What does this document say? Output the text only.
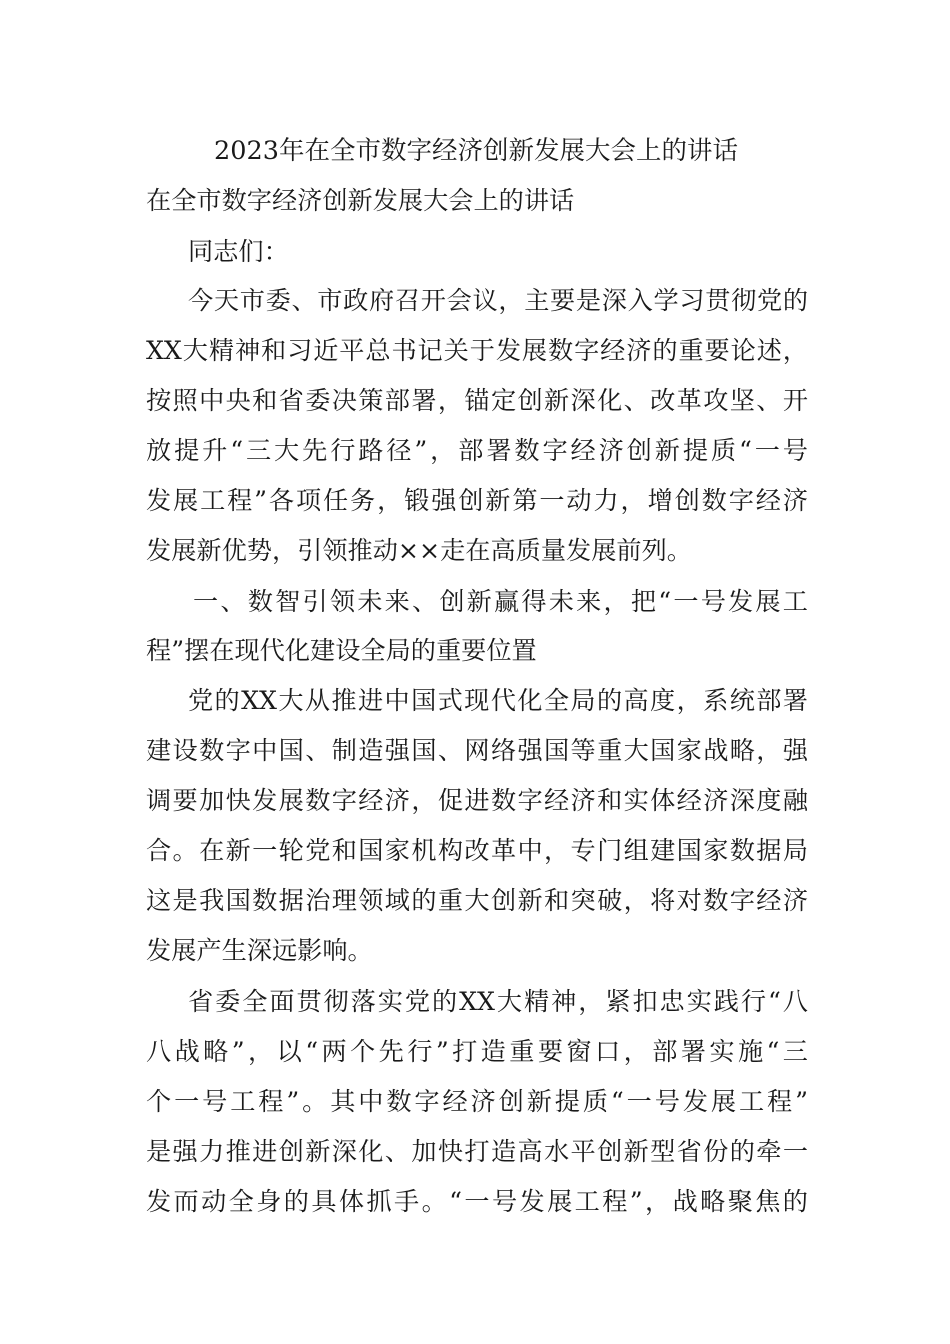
2023年在全市数字经济创新发展大会上的讲话
在全市数字经济创新发展大会上的讲话
同志们：
今天市委、市政府召开会议，主要是深入学习贯彻党的
XX大精神和习近平总书记关于发展数字经济的重要论述，
按照中央和省委决策部署，锚定创新深化、改革攻坚、开
放提升“三大先行路径”，部署数字经济创新提质“一号
发展工程”各项任务，锻强创新第一动力，增创数字经济
发展新优势，引领推动××走在高质量发展前列。
一、数智引领未来、创新赢得未来，把“一号发展工
程”摆在现代化建设全局的重要位置
党的XX大从推进中国式现代化全局的高度，系统部署
建设数字中国、制造强国、网络强国等重大国家战略，强
调要加快发展数字经济，促进数字经济和实体经济深度融
合。在新一轮党和国家机构改革中，专门组建国家数据局
这是我国数据治理领域的重大创新和突破，将对数字经济
发展产生深远影响。
省委全面贯彻落实党的XX大精神，紧扣忠实践行“八
八战略”，以“两个先行”打造重要窗口，部署实施“三
个一号工程”。其中数字经济创新提质“一号发展工程”
是强力推进创新深化、加快打造高水平创新型省份的牵一
发而动全身的具体抓手。“一号发展工程”，战略聚焦的
